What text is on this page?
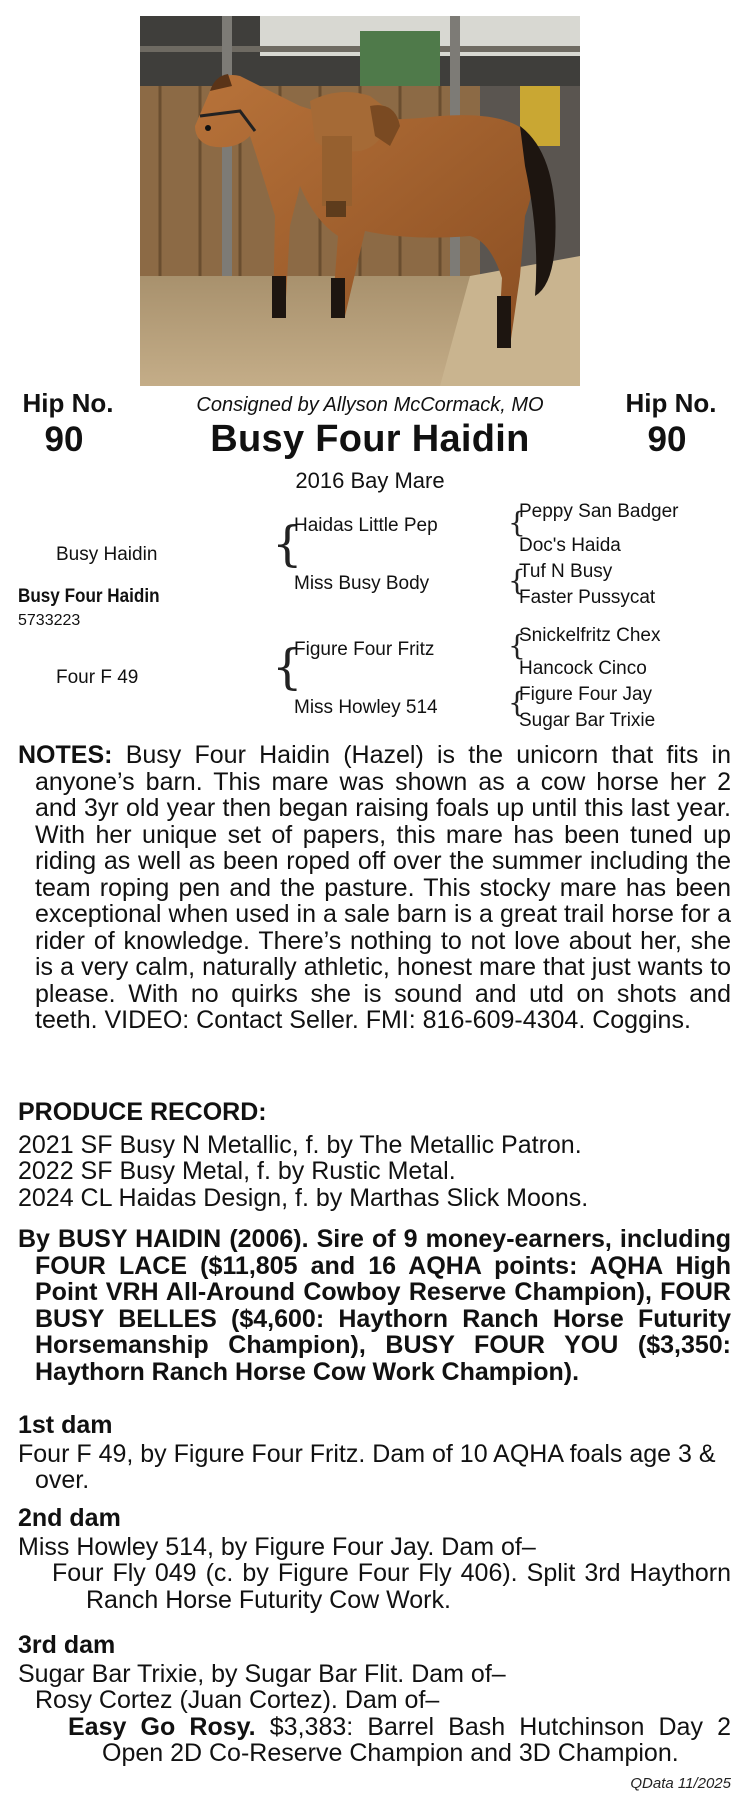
Hip No.
90
Hip No.
90
Consigned by Allyson McCormack, MO
Busy Four Haidin
2016 Bay Mare
Busy Haidin
Busy Four Haidin
5733223
Four F 49
{
Haidas Little Pep
Miss Busy Body
{
Figure Four Fritz
Miss Howley 514
{
Peppy San Badger
Doc's Haida
{
Tuf N Busy
Faster Pussycat
{
Snickelfritz Chex
Hancock Cinco
{
Figure Four Jay
Sugar Bar Trixie

NOTES: Busy Four Haidin (Hazel) is the unicorn that fits in anyone’s barn. This mare was shown as a cow horse her 2 and 3yr old year then began raising foals up until this last year. With her unique set of papers, this mare has been tuned up riding as well as been roped off over the summer including the team roping pen and the pasture. This stocky mare has been exceptional when used in a sale barn is a great trail horse for a rider of knowledge. There’s nothing to not love about her, she is a very calm, naturally athletic, honest mare that just wants to please. With no quirks she is sound and utd on shots and teeth. VIDEO: Contact Seller. FMI: 816-609-4304. Coggins.

PRODUCE RECORD:

2021 SF Busy N Metallic, f. by The Metallic Patron.

2022 SF Busy Metal, f. by Rustic Metal.

2024 CL Haidas Design, f. by Marthas Slick Moons.

By BUSY HAIDIN (2006). Sire of 9 money-earners, including FOUR LACE ($11,805 and 16 AQHA points: AQHA High Point VRH All-Around Cowboy Reserve Champion), FOUR BUSY BELLES ($4,600: Haythorn Ranch Horse Futurity Horsemanship Champion), BUSY FOUR YOU ($3,350: Haythorn Ranch Horse Cow Work Champion).

1st dam

Four F 49, by Figure Four Fritz. Dam of 10 AQHA foals age 3 & over.

2nd dam

Miss Howley 514, by Figure Four Jay. Dam of–

Four Fly 049 (c. by Figure Four Fly 406). Split 3rd Haythorn Ranch Horse Futurity Cow Work.

3rd dam

Sugar Bar Trixie, by Sugar Bar Flit. Dam of–

Rosy Cortez (Juan Cortez). Dam of–

Easy Go Rosy. $3,383: Barrel Bash Hutchinson Day 2 Open 2D Co-Reserve Champion and 3D Champion.

QData 11/2025
